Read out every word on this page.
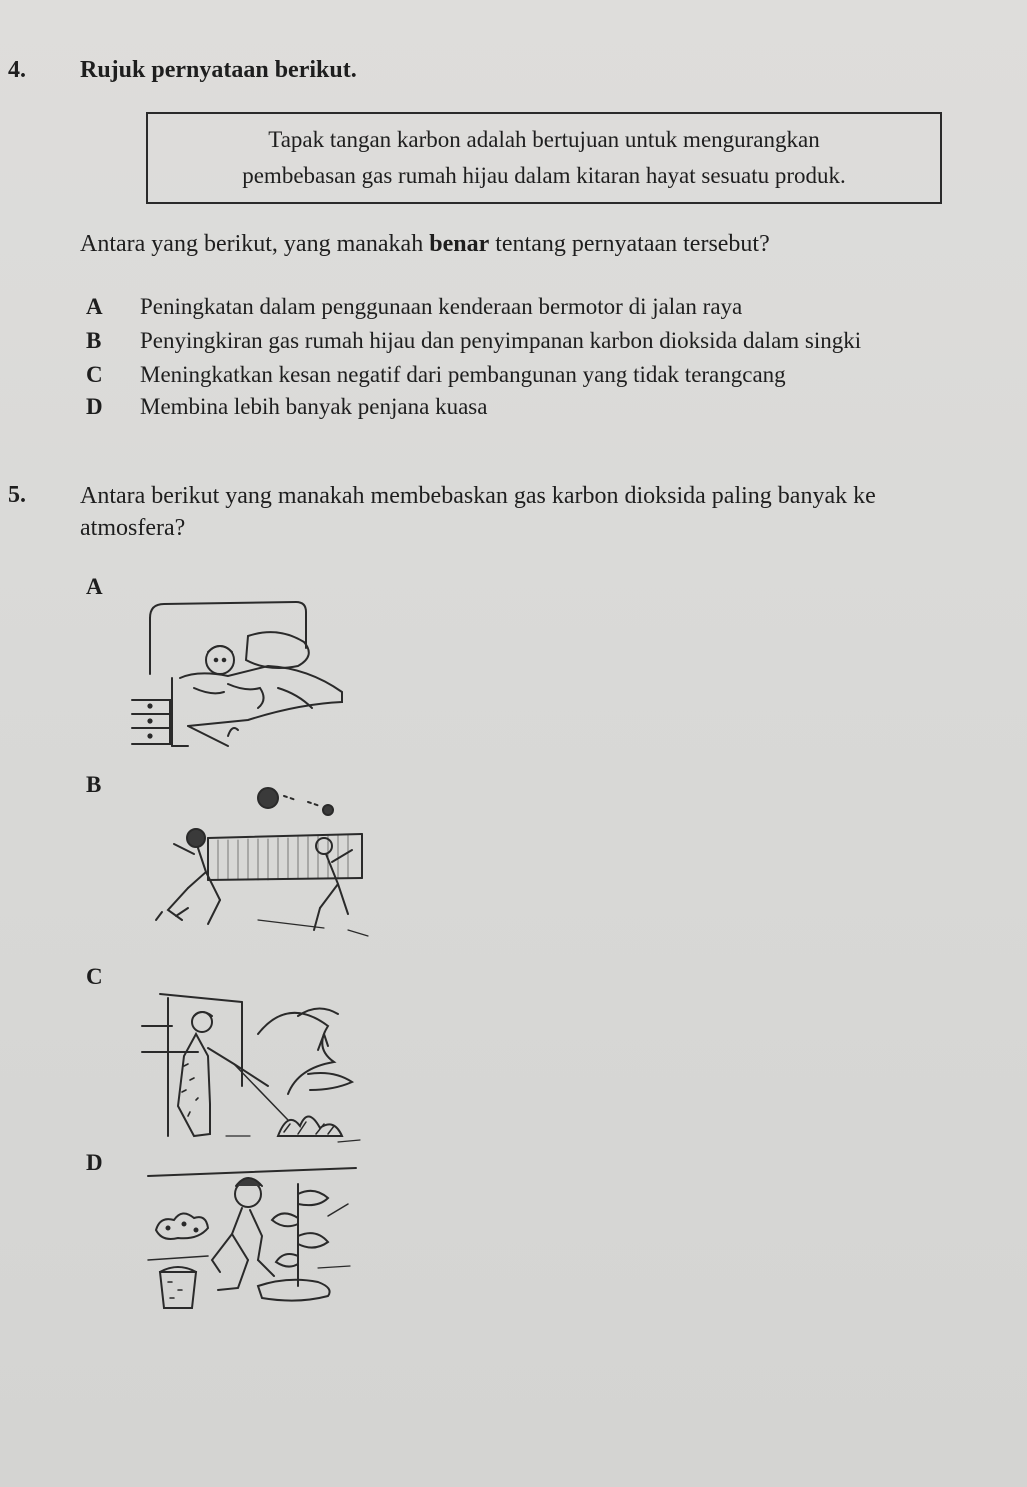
4. Rujuk pernyataan berikut.
Tapak tangan karbon adalah bertujuan untuk mengurangkan
pembebasan gas rumah hijau dalam kitaran hayat sesuatu produk.
Antara yang berikut, yang manakah benar tentang pernyataan tersebut?
A Peningkatan dalam penggunaan kenderaan bermotor di jalan raya
B Penyingkiran gas rumah hijau dan penyimpanan karbon dioksida dalam singki
C Meningkatkan kesan negatif dari pembangunan yang tidak terangcang
D Membina lebih banyak penjana kuasa
5. Antara berikut yang manakah membebaskan gas karbon dioksida paling banyak ke
atmosfera?
A
B
C
D
